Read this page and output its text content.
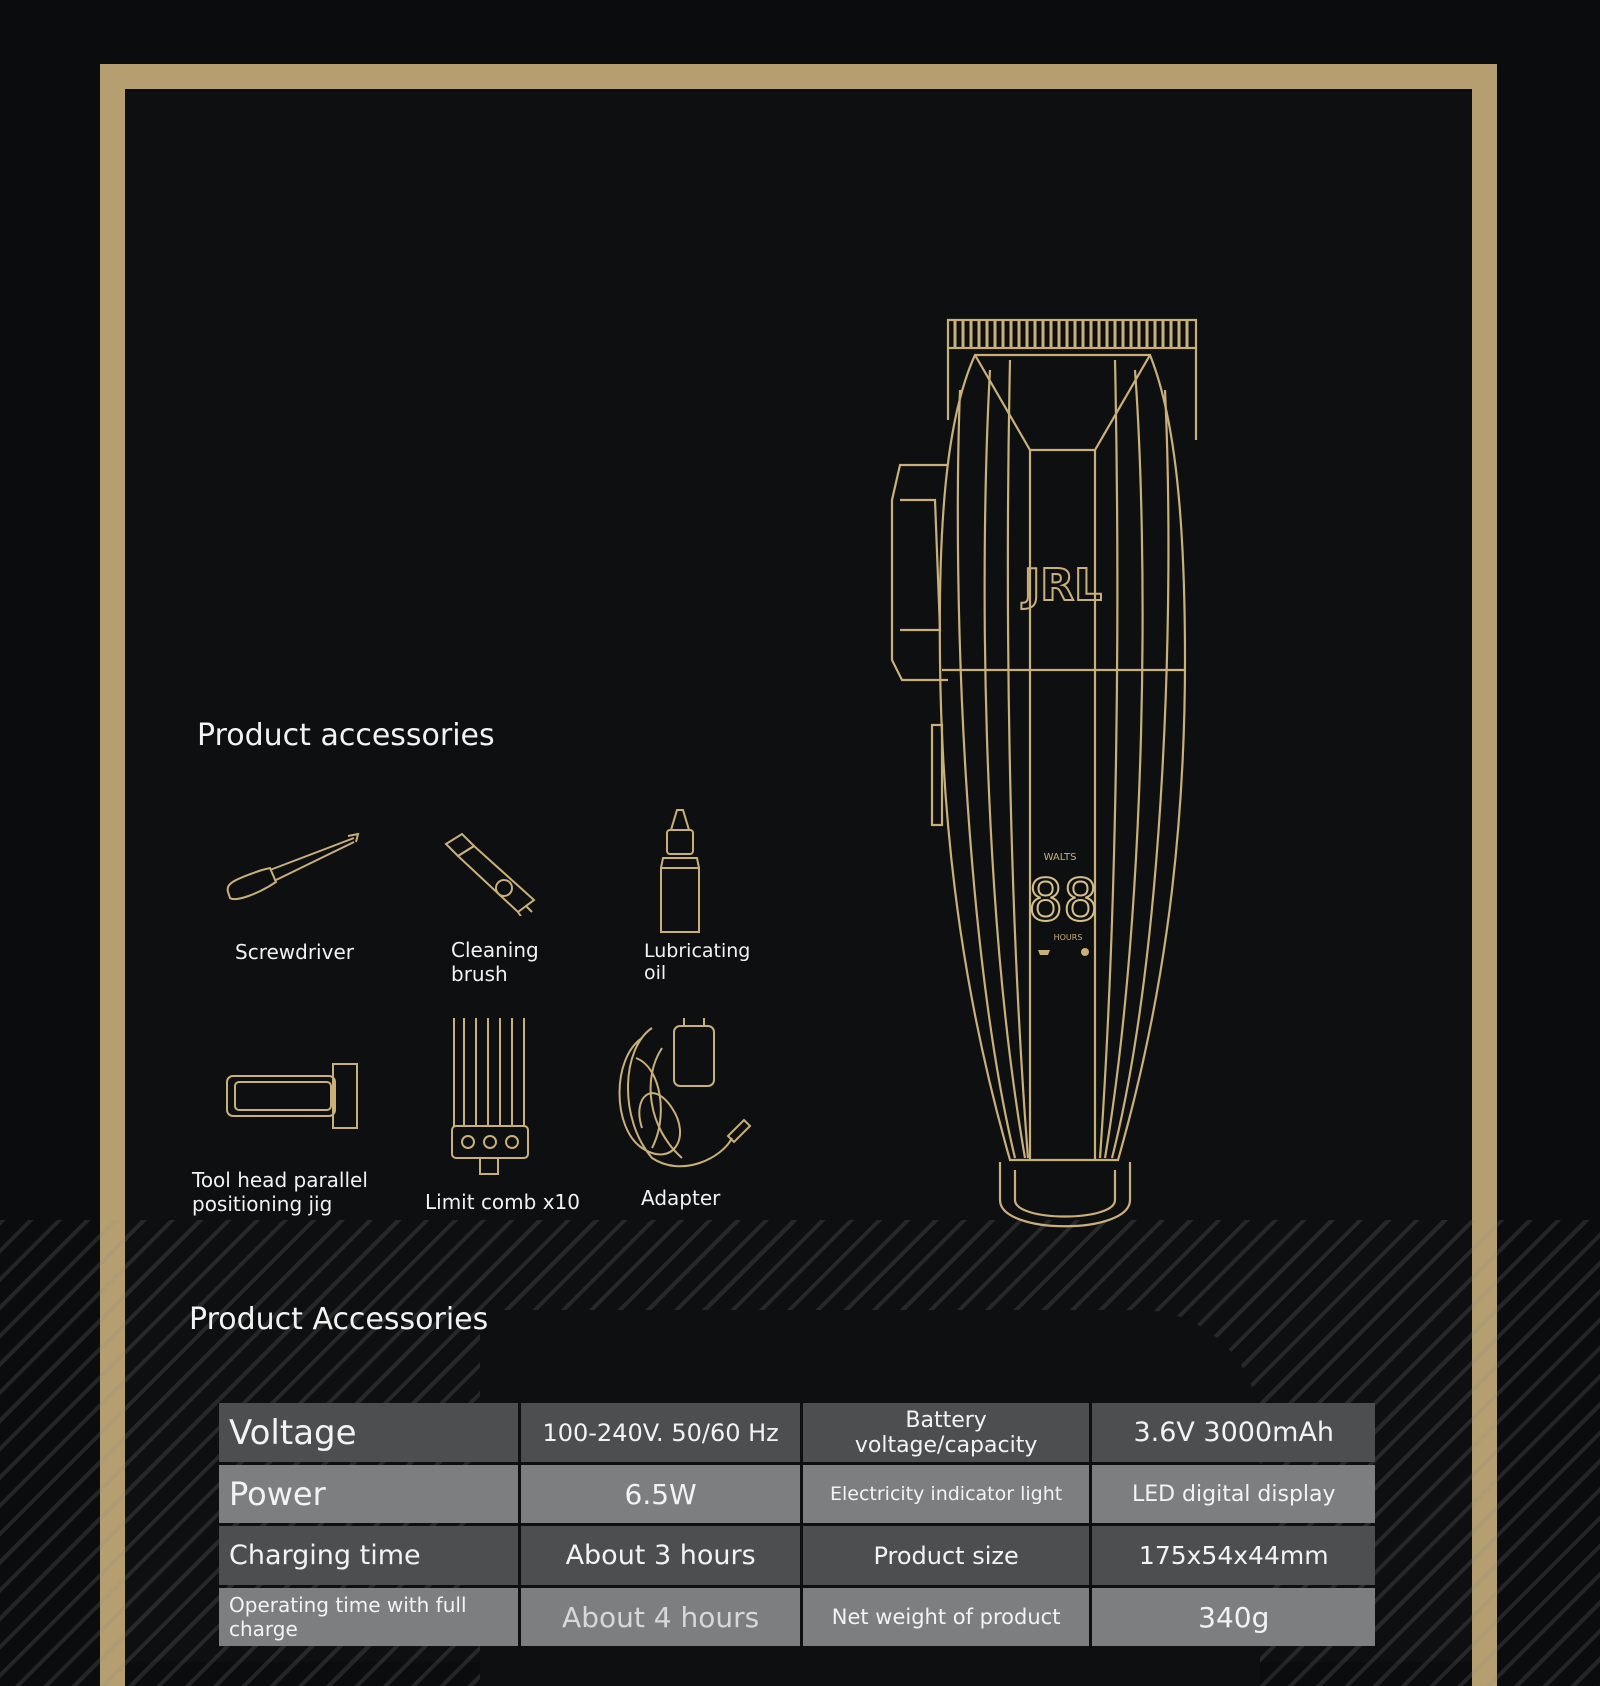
JRL
WALTS
88
HOURS
Product accessories
Screwdriver	Cleaning
brush
Lubricating
oil
Tool head parallel
positioning jig	Limit comb x10	Adapter
Product Accessories
Voltage	100-240V. 50/60 Hz	Battery voltage/capacity	3.6V 3000mAh
Power	6.5W	Electricity indicator light	LED digital display
Charging time	About 3 hours	Product size	175x54x44mm
Operating time with full charge	About 4 hours	Net weight of product	340g
